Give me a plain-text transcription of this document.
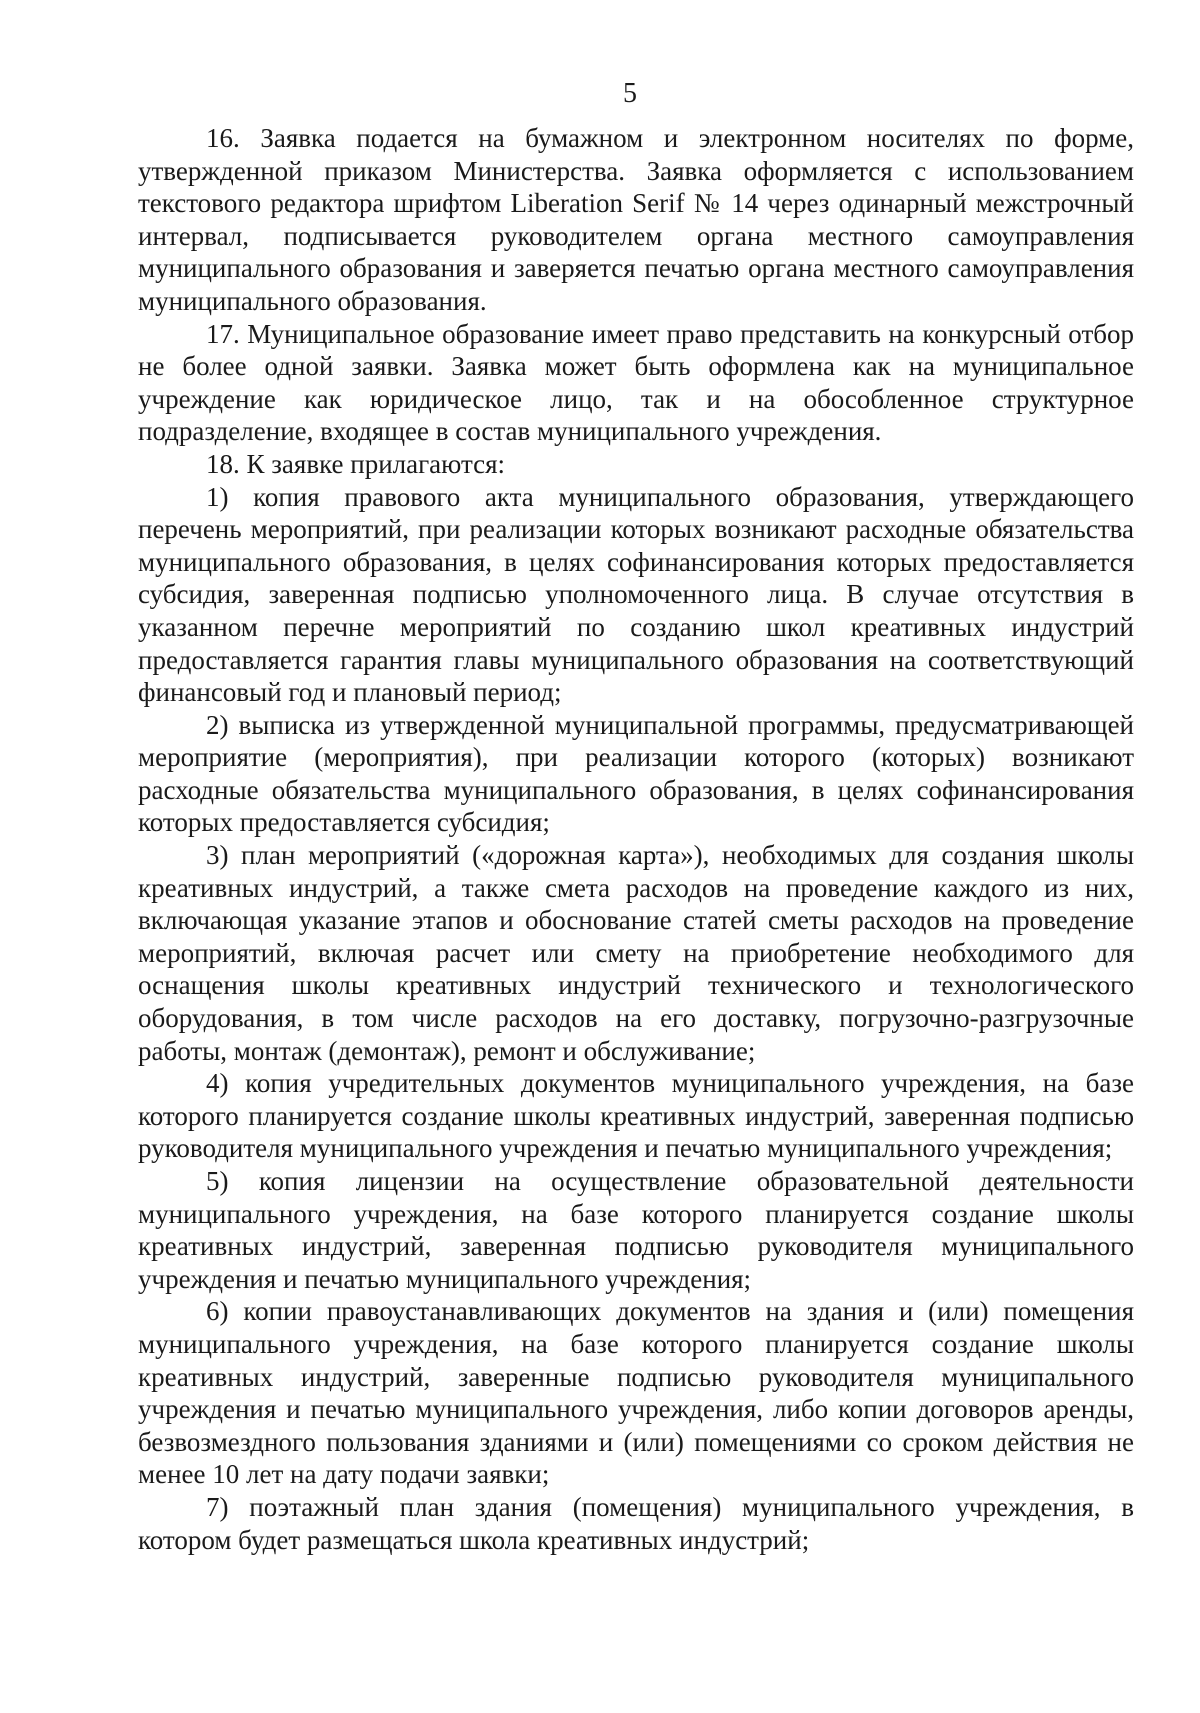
5

16. Заявка подается на бумажном и электронном носителях по форме, утвержденной приказом Министерства. Заявка оформляется с использованием текстового редактора шрифтом Liberation Serif № 14 через одинарный межстрочный интервал, подписывается руководителем органа местного самоуправления муниципального образования и заверяется печатью органа местного самоуправления муниципального образования.

17. Муниципальное образование имеет право представить на конкурсный отбор не более одной заявки. Заявка может быть оформлена как на муниципальное учреждение как юридическое лицо, так и на обособленное структурное подразделение, входящее в состав муниципального учреждения.

18. К заявке прилагаются:

1) копия правового акта муниципального образования, утверждающего перечень мероприятий, при реализации которых возникают расходные обязательства муниципального образования, в целях софинансирования которых предоставляется субсидия, заверенная подписью уполномоченного лица. В случае отсутствия в указанном перечне мероприятий по созданию школ креативных индустрий предоставляется гарантия главы муниципального образования на соответствующий финансовый год и плановый период;

2) выписка из утвержденной муниципальной программы, предусматривающей мероприятие (мероприятия), при реализации которого (которых) возникают расходные обязательства муниципального образования, в целях софинансирования которых предоставляется субсидия;

3) план мероприятий («дорожная карта»), необходимых для создания школы креативных индустрий, а также смета расходов на проведение каждого из них, включающая указание этапов и обоснование статей сметы расходов на проведение мероприятий, включая расчет или смету на приобретение необходимого для оснащения школы креативных индустрий технического и технологического оборудования, в том числе расходов на его доставку, погрузочно-разгрузочные работы, монтаж (демонтаж), ремонт и обслуживание;

4) копия учредительных документов муниципального учреждения, на базе которого планируется создание школы креативных индустрий, заверенная подписью руководителя муниципального учреждения и печатью муниципального учреждения;

5) копия лицензии на осуществление образовательной деятельности муниципального учреждения, на базе которого планируется создание школы креативных индустрий, заверенная подписью руководителя муниципального учреждения и печатью муниципального учреждения;

6) копии правоустанавливающих документов на здания и (или) помещения муниципального учреждения, на базе которого планируется создание школы креативных индустрий, заверенные подписью руководителя муниципального учреждения и печатью муниципального учреждения, либо копии договоров аренды, безвозмездного пользования зданиями и (или) помещениями со сроком действия не менее 10 лет на дату подачи заявки;

7) поэтажный план здания (помещения) муниципального учреждения, в котором будет размещаться школа креативных индустрий;
